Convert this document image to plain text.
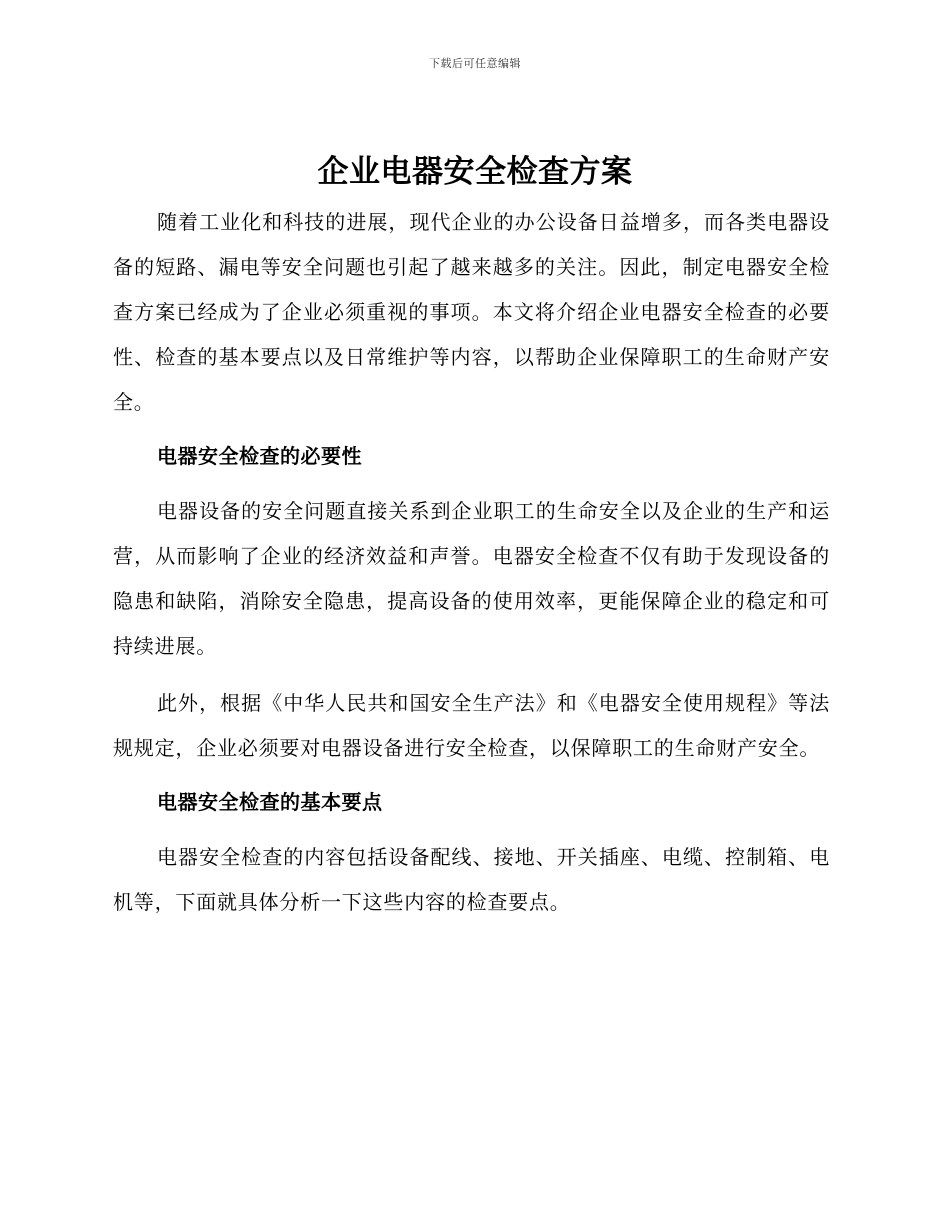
下载后可任意编辑
企业电器安全检查方案

随着工业化和科技的进展，现代企业的办公设备日益增多，而各类电器设备的短路、漏电等安全问题也引起了越来越多的关注。因此，制定电器安全检查方案已经成为了企业必须重视的事项。本文将介绍企业电器安全检查的必要性、检查的基本要点以及日常维护等内容，以帮助企业保障职工的生命财产安全。

电器安全检查的必要性

电器设备的安全问题直接关系到企业职工的生命安全以及企业的生产和运营，从而影响了企业的经济效益和声誉。电器安全检查不仅有助于发现设备的隐患和缺陷，消除安全隐患，提高设备的使用效率，更能保障企业的稳定和可持续进展。

此外，根据《中华人民共和国安全生产法》和《电器安全使用规程》等法规规定，企业必须要对电器设备进行安全检查，以保障职工的生命财产安全。

电器安全检查的基本要点

电器安全检查的内容包括设备配线、接地、开关插座、电缆、控制箱、电机等，下面就具体分析一下这些内容的检查要点。
